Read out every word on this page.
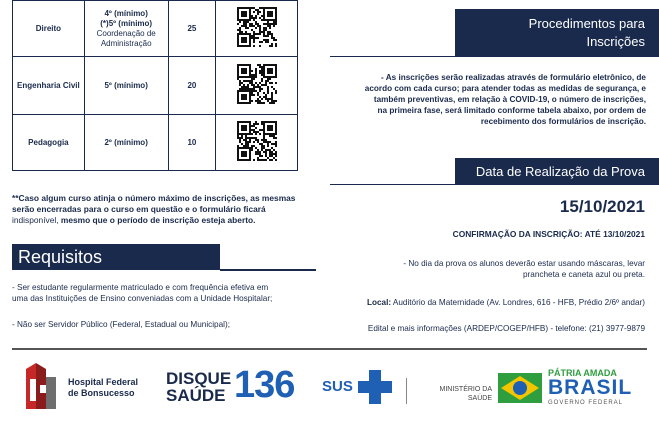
Direito	4º (mínimo)
(*)5º (mínimo)
Coordenação de
Administração	25	
Engenharia Civil	5º (mínimo)	20	
Pedagogia	2º (mínimo)	10	
**Caso algum curso atinja o número máximo de inscrições, as mesmas
serão encerradas para o curso em questão e o formulário ficará
indisponível, mesmo que o período de inscrição esteja aberto.
Requisitos
- Ser estudante regularmente matriculado e com frequência efetiva em
uma das Instituições de Ensino conveniadas com a Unidade Hospitalar;
- Não ser Servidor Público (Federal, Estadual ou Municipal);
Procedimentos para
Inscrições
- As inscrições serão realizadas através de formulário eletrônico, de
acordo com cada curso; para atender todas as medidas de segurança, e
também preventivas, em relação à COVID-19, o número de inscrições,
na primeira fase, será limitado conforme tabela abaixo, por ordem de
recebimento dos formulários de inscrição.
Data de Realização da Prova
15/10/2021
CONFIRMAÇÃO DA INSCRIÇÃO: ATÉ 13/10/2021
- No dia da prova os alunos deverão estar usando máscaras, levar
prancheta e caneta azul ou preta.
Local: Auditório da Maternidade (Av. Londres, 616 - HFB, Prédio 2/6º andar)
Edital e mais informações (ARDEP/COGEP/HFB) - telefone: (21) 3977-9879
Hospital Federal
de Bonsucesso
DISQUE
SAÚDE 136 SUS	MINISTÉRIO DA
SAÚDE
PÁTRIA AMADA
BRASIL
GOVERNO FEDERAL
